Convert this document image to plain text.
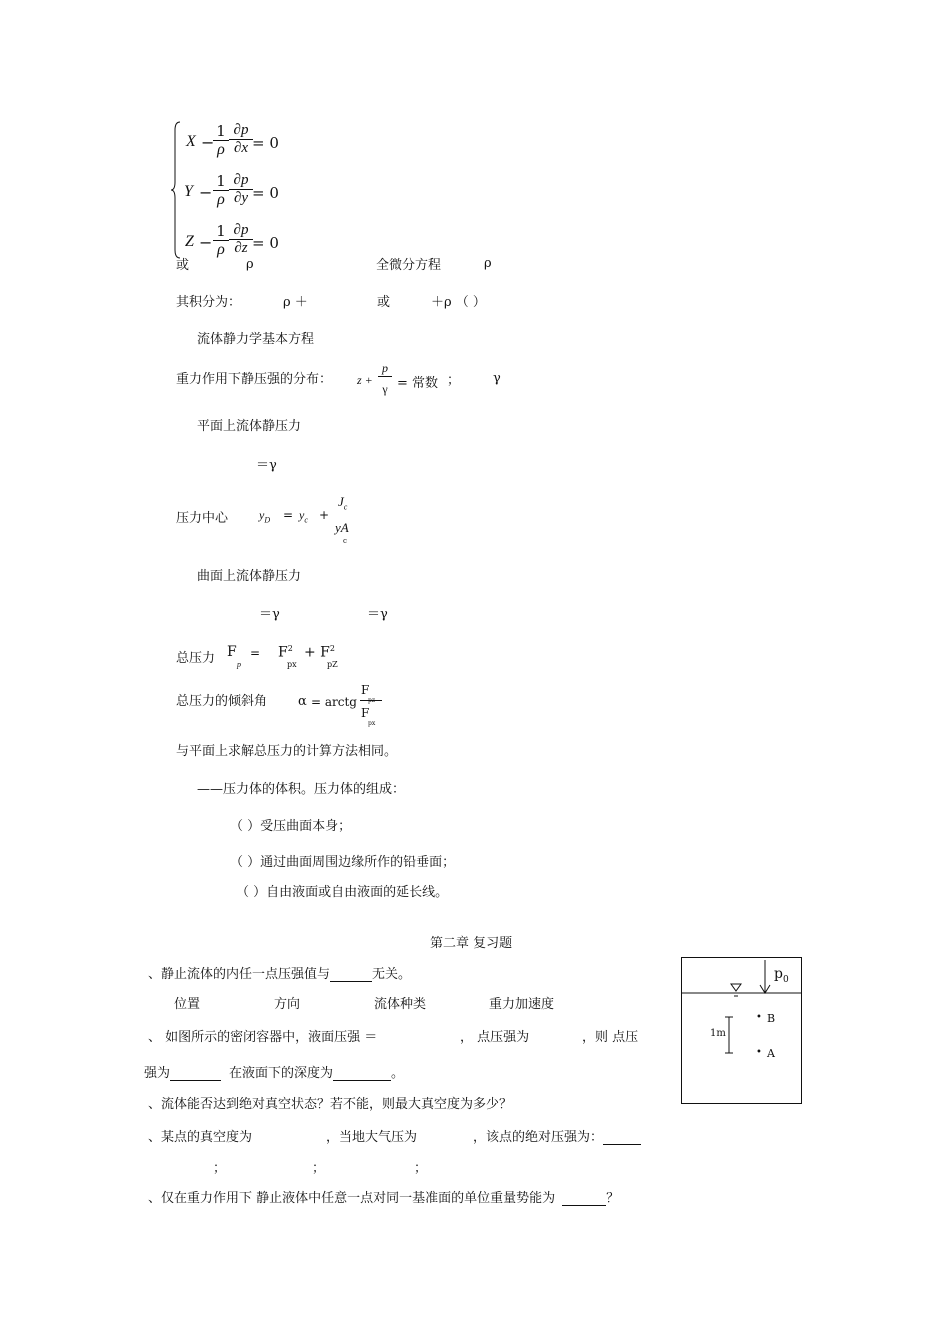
X −
$\frac{1}{\rho} \frac{\partial p}{\partial x} = 0$
$Y - \frac{1}{\rho} \frac{\partial p}{\partial y} = 0$
$Z - \frac{1}{\rho} \frac{\partial p}{\partial z} = 0$
ρ
或	全微分方程	ρ
其积分为：	ρ ＋	或	＋ρ （ ）
流体静力学基本方程
重力作用下静压强的分布： $z + \frac{p}{\gamma}$ = 常数 ；	γ
平面上流体静压力
＝γ
压力中心	$y_D = y_c$ +
$J_c$
yA
c
曲面上流体静压力
＝γ	＝γ
总压力 F
p
= $F^2$
px
+ $F^2$
pZ
总压力的倾斜角 α = arctg
F
pz
F
px
与平面上求解总压力的计算方法相同。
——压力体的体积。压力体的组成：
（ ）受压曲面本身；
（ ）通过曲面周围边缘所作的铅垂面；
（ ）自由液面或自由液面的延长线。
第二章 复习题
、静止流体的内任一点压强值与	无关。
位置	方向	流体种类	重力加速度
、 如图所示的密闭容器中，液面压强 ＝	， 点压强为	，则 点压
强为	在液面下的深度为	。
、流体能否达到绝对真空状态？若不能，则最大真空度为多少？
、某点的真空度为	，当地大气压为	，该点的绝对压强为：
；	；	；
、仅在重力作用下 静止液体中任意一点对同一基准面的单位重量势能为	？
$p_0$
1m
• B
• A
